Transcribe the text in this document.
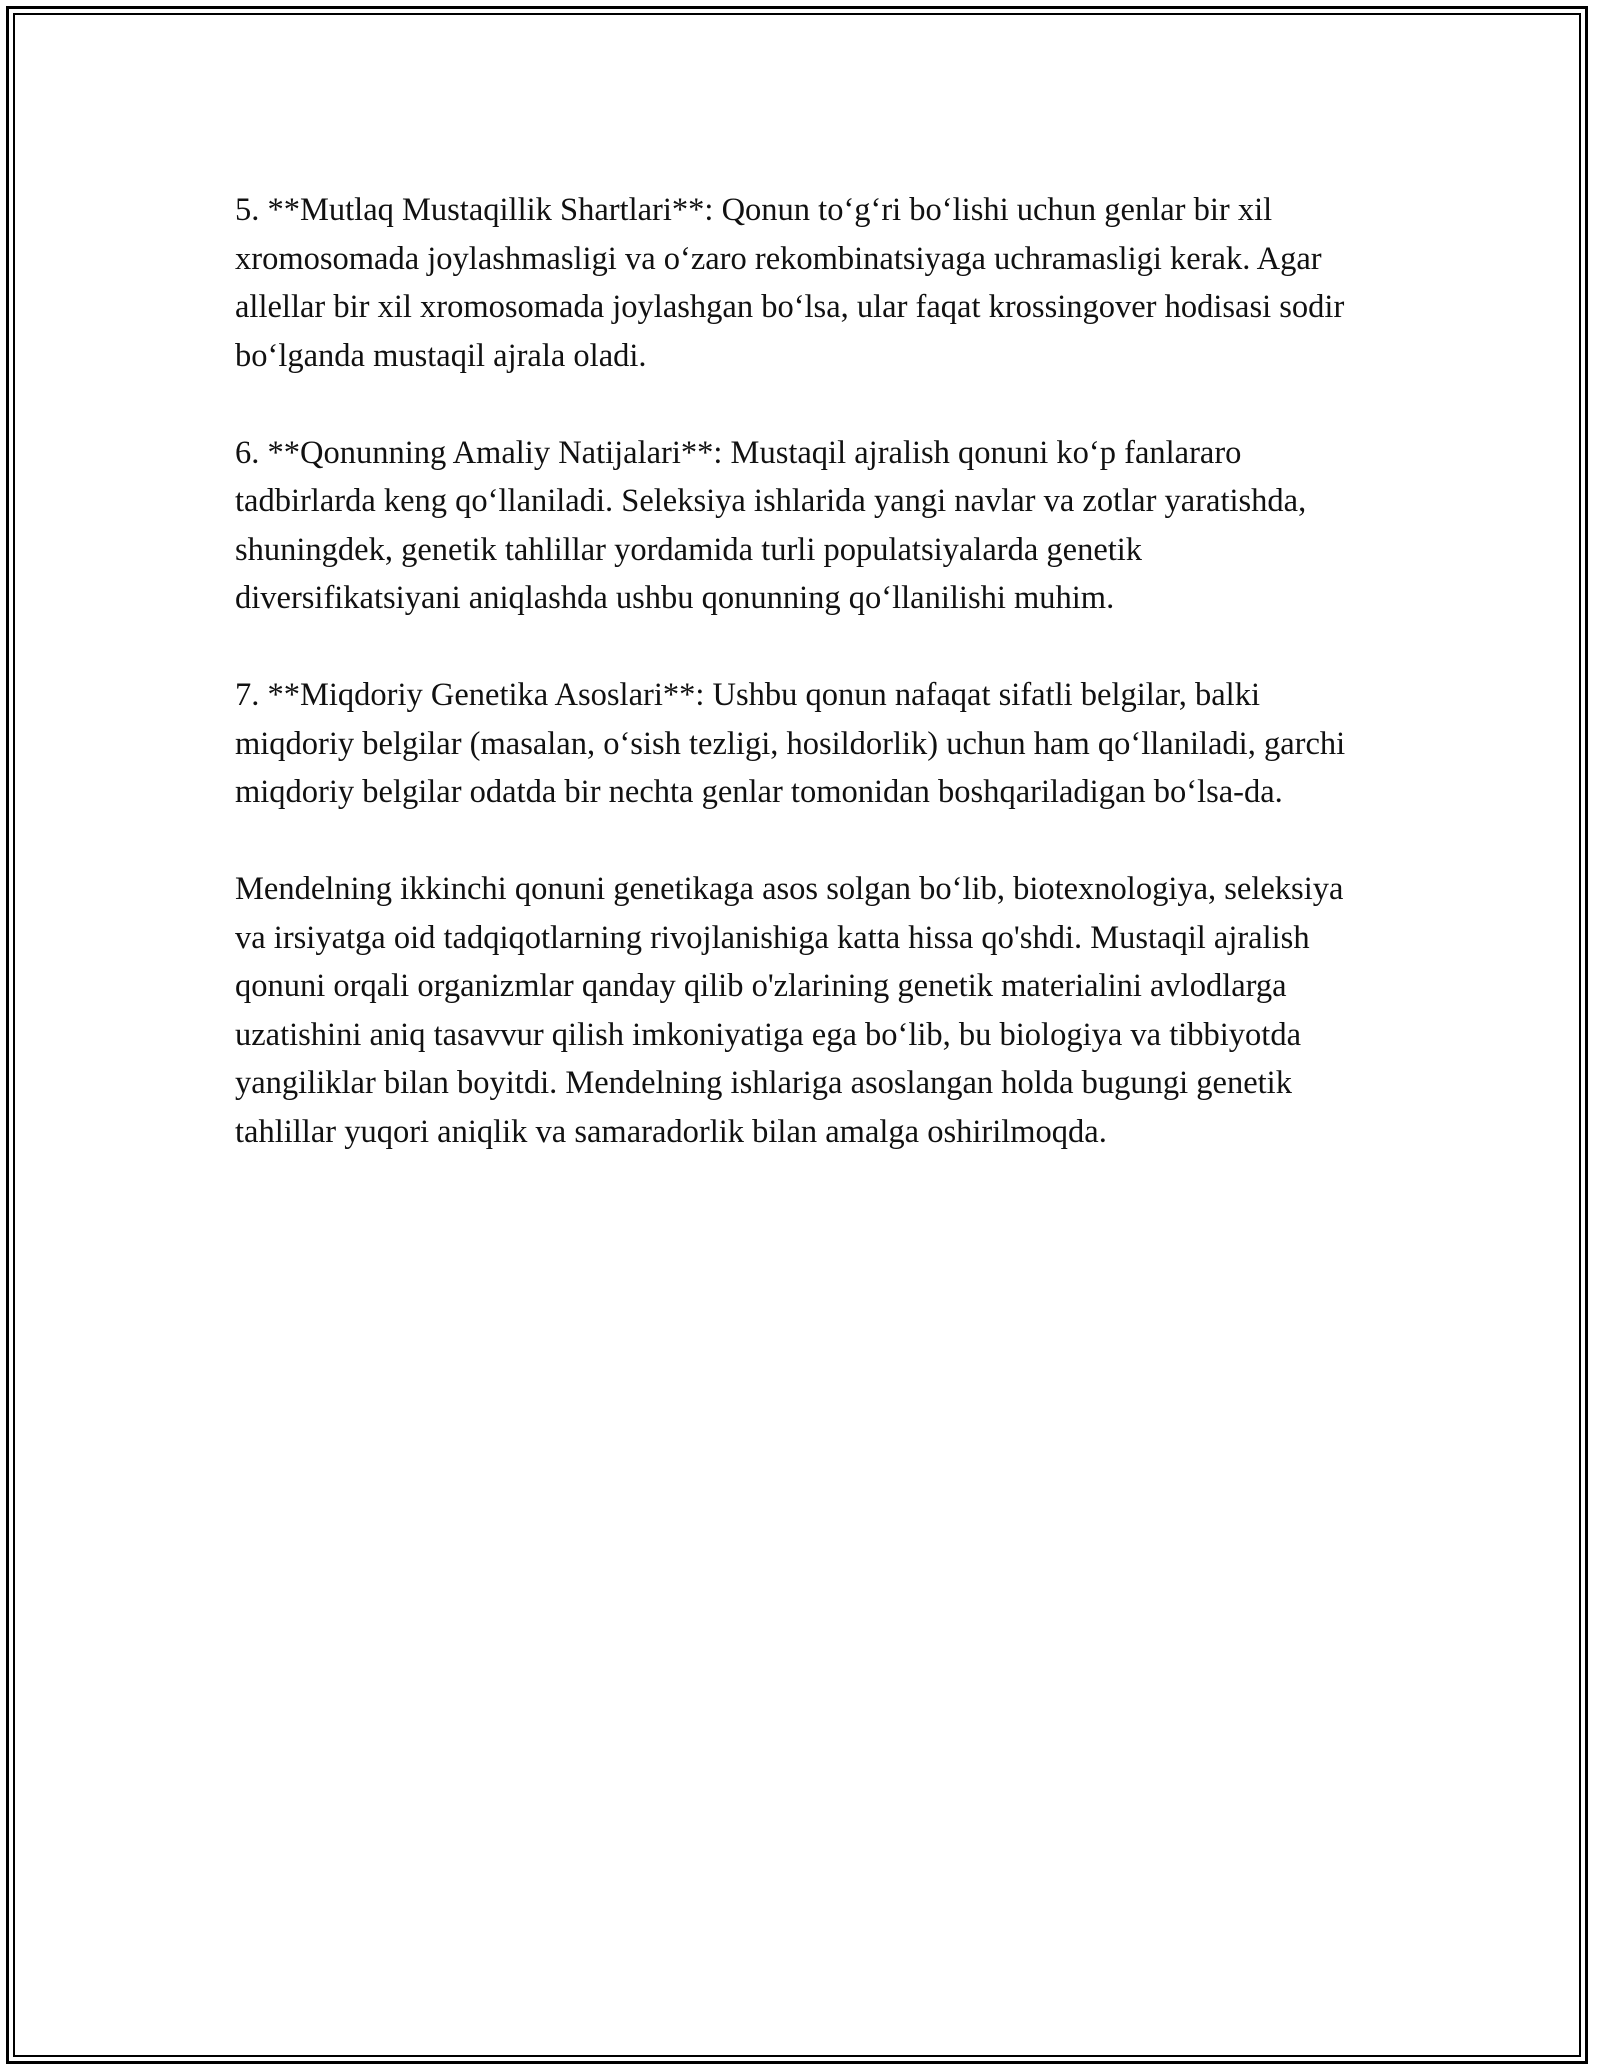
5. **Mutlaq Mustaqillik Shartlari**: Qonun to‘g‘ri bo‘lishi uchun genlar bir xil xromosomada joylashmasligi va o‘zaro rekombinatsiyaga uchramasligi kerak. Agar allellar bir xil xromosomada joylashgan bo‘lsa, ular faqat krossingover hodisasi sodir bo‘lganda mustaqil ajrala oladi.

6. **Qonunning Amaliy Natijalari**: Mustaqil ajralish qonuni ko‘p fanlararo tadbirlarda keng qo‘llaniladi. Seleksiya ishlarida yangi navlar va zotlar yaratishda, shuningdek, genetik tahlillar yordamida turli populatsiyalarda genetik diversifikatsiyani aniqlashda ushbu qonunning qo‘llanilishi muhim.

7. **Miqdoriy Genetika Asoslari**: Ushbu qonun nafaqat sifatli belgilar, balki miqdoriy belgilar (masalan, o‘sish tezligi, hosildorlik) uchun ham qo‘llaniladi, garchi miqdoriy belgilar odatda bir nechta genlar tomonidan boshqariladigan bo‘lsa-da.

Mendelning ikkinchi qonuni genetikaga asos solgan bo‘lib, biotexnologiya, seleksiya va irsiyatga oid tadqiqotlarning rivojlanishiga katta hissa qo'shdi. Mustaqil ajralish qonuni orqali organizmlar qanday qilib o'zlarining genetik materialini avlodlarga uzatishini aniq tasavvur qilish imkoniyatiga ega bo‘lib, bu biologiya va tibbiyotda yangiliklar bilan boyitdi. Mendelning ishlariga asoslangan holda bugungi genetik tahlillar yuqori aniqlik va samaradorlik bilan amalga oshirilmoqda.
